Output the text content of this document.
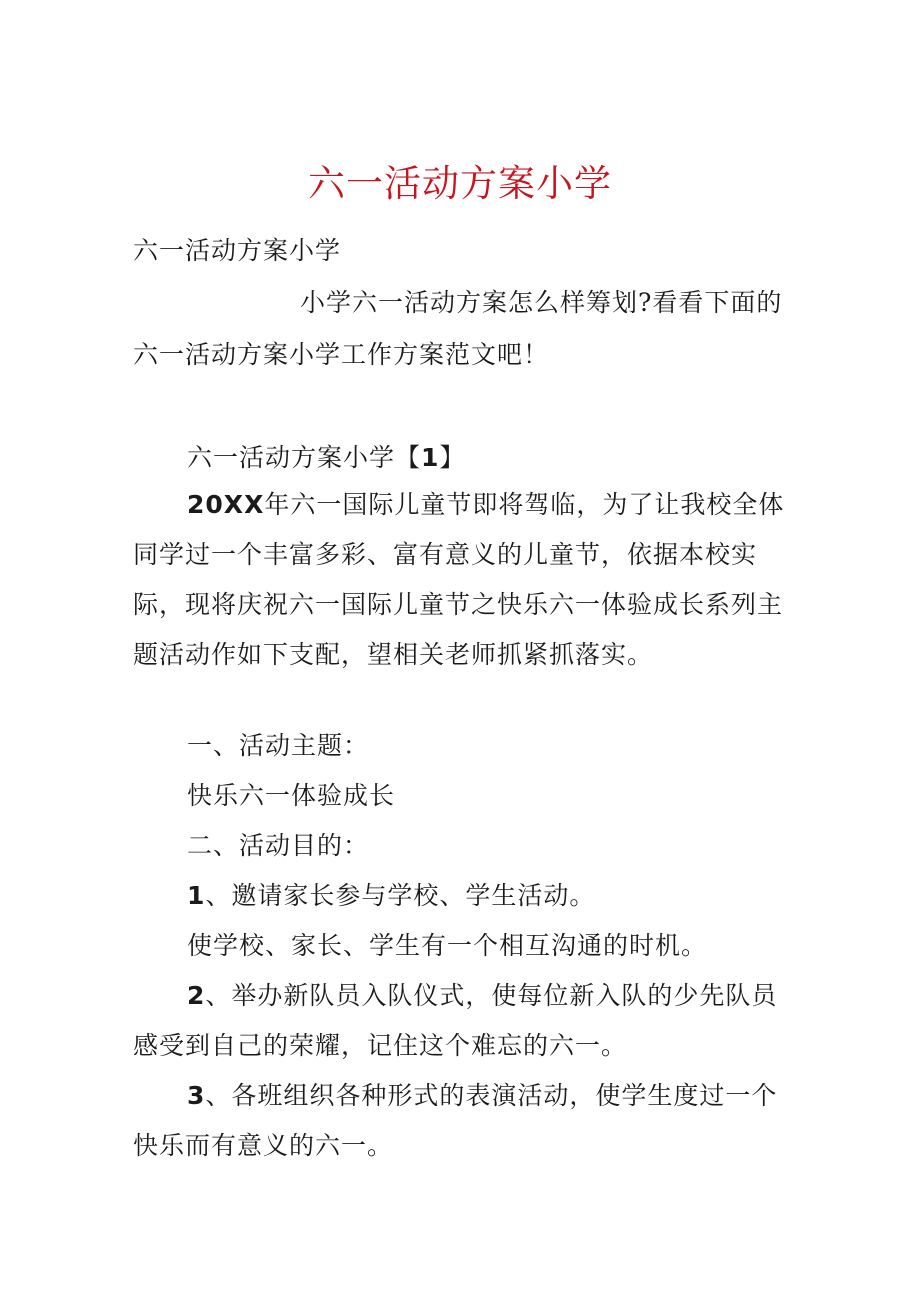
六一活动方案小学
六一活动方案小学
小学六一活动方案怎么样筹划?看看下面的
六一活动方案小学工作方案范文吧！
六一活动方案小学【1】
20XX年六一国际儿童节即将驾临，为了让我校全体
同学过一个丰富多彩、富有意义的儿童节，依据本校实
际，现将庆祝六一国际儿童节之快乐六一体验成长系列主
题活动作如下支配，望相关老师抓紧抓落实。
一、活动主题：
快乐六一体验成长
二、活动目的：
1、邀请家长参与学校、学生活动。
使学校、家长、学生有一个相互沟通的时机。
2、举办新队员入队仪式，使每位新入队的少先队员
感受到自己的荣耀，记住这个难忘的六一。
3、各班组织各种形式的表演活动，使学生度过一个
快乐而有意义的六一。
